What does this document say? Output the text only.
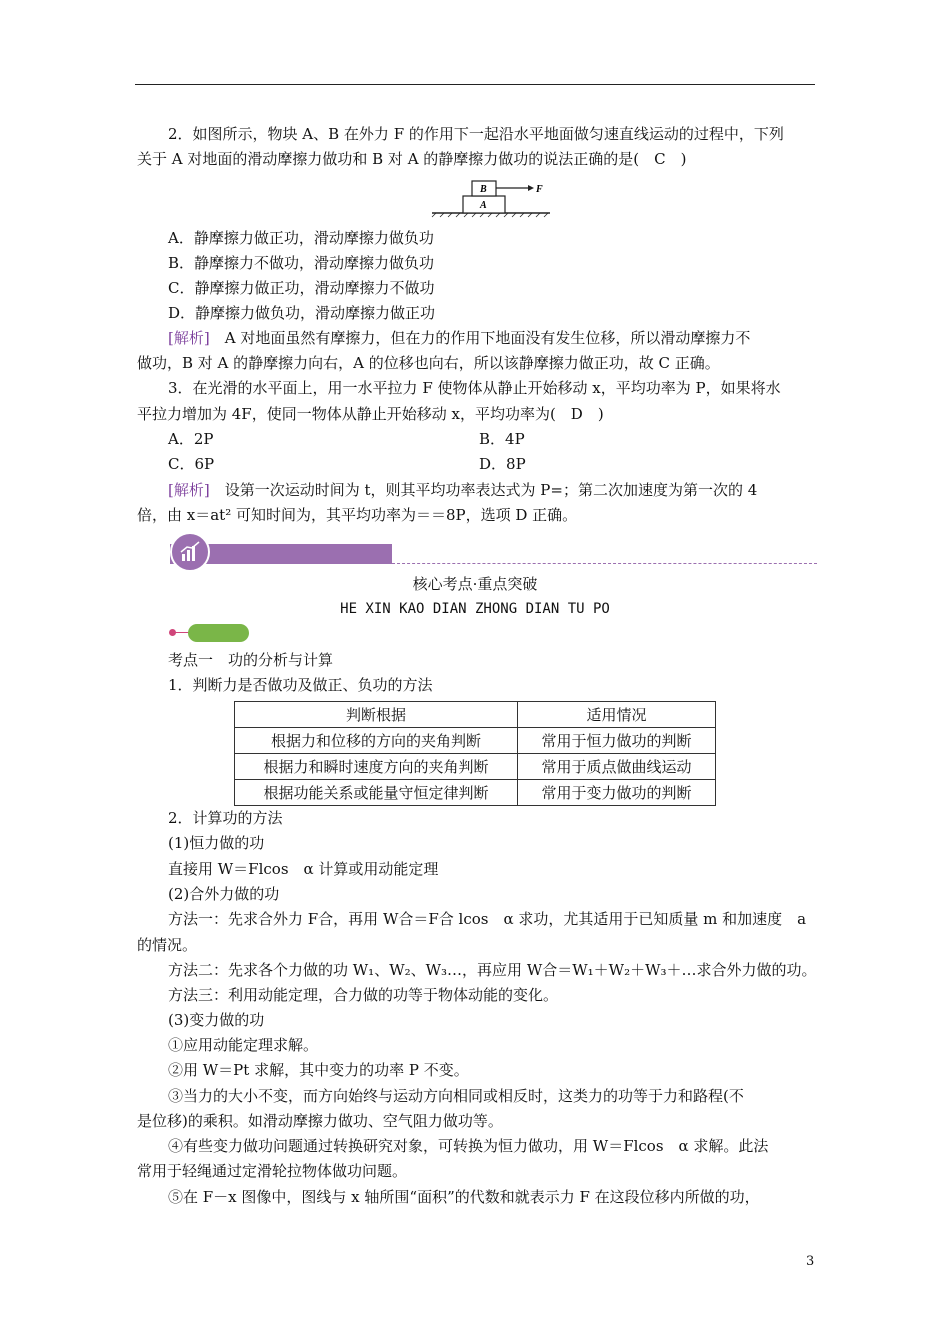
2．如图所示，物块 A、B 在外力 F 的作用下一起沿水平地面做匀速直线运动的过程中，下列
关于 A 对地面的滑动摩擦力做功和 B 对 A 的静摩擦力做功的说法正确的是(　C　)
B
A
F
A．静摩擦力做正功，滑动摩擦力做负功
B．静摩擦力不做功，滑动摩擦力做负功
C．静摩擦力做正功，滑动摩擦力不做功
D．静摩擦力做负功，滑动摩擦力做正功
[解析]　A 对地面虽然有摩擦力，但在力的作用下地面没有发生位移，所以滑动摩擦力不
做功，B 对 A 的静摩擦力向右，A 的位移也向右，所以该静摩擦力做正功，故 C 正确。
3．在光滑的水平面上，用一水平拉力 F 使物体从静止开始移动 x，平均功率为 P，如果将水
平拉力增加为 4F，使同一物体从静止开始移动 x，平均功率为(　D　)
A．2P	B．4P
C．6P	D．8P
[解析]　设第一次运动时间为 t，则其平均功率表达式为 P=；第二次加速度为第一次的 4
倍，由 x＝at² 可知时间为，其平均功率为＝＝8P，选项 D 正确。
核心考点·重点突破
HE XIN KAO DIAN ZHONG DIAN TU PO
考点一　功的分析与计算
1．判断力是否做功及做正、负功的方法
判断根据	适用情况
根据力和位移的方向的夹角判断	常用于恒力做功的判断
根据力和瞬时速度方向的夹角判断	常用于质点做曲线运动
根据功能关系或能量守恒定律判断	常用于变力做功的判断
2．计算功的方法
(1)恒力做的功
直接用 W＝Flcos　α 计算或用动能定理
(2)合外力做的功
方法一：先求合外力 F合，再用 W合＝F合 lcos　α 求功，尤其适用于已知质量 m 和加速度　a
的情况。
方法二：先求各个力做的功 W₁、W₂、W₃…，再应用 W合＝W₁＋W₂＋W₃＋…求合外力做的功。
方法三：利用动能定理，合力做的功等于物体动能的变化。
(3)变力做的功
①应用动能定理求解。
②用 W＝Pt 求解，其中变力的功率 P 不变。
③当力的大小不变，而方向始终与运动方向相同或相反时，这类力的功等于力和路程(不
是位移)的乘积。如滑动摩擦力做功、空气阻力做功等。
④有些变力做功问题通过转换研究对象，可转换为恒力做功，用 W＝Flcos　α 求解。此法
常用于轻绳通过定滑轮拉物体做功问题。
⑤在 F－x 图像中，图线与 x 轴所围“面积”的代数和就表示力 F 在这段位移内所做的功，
3
